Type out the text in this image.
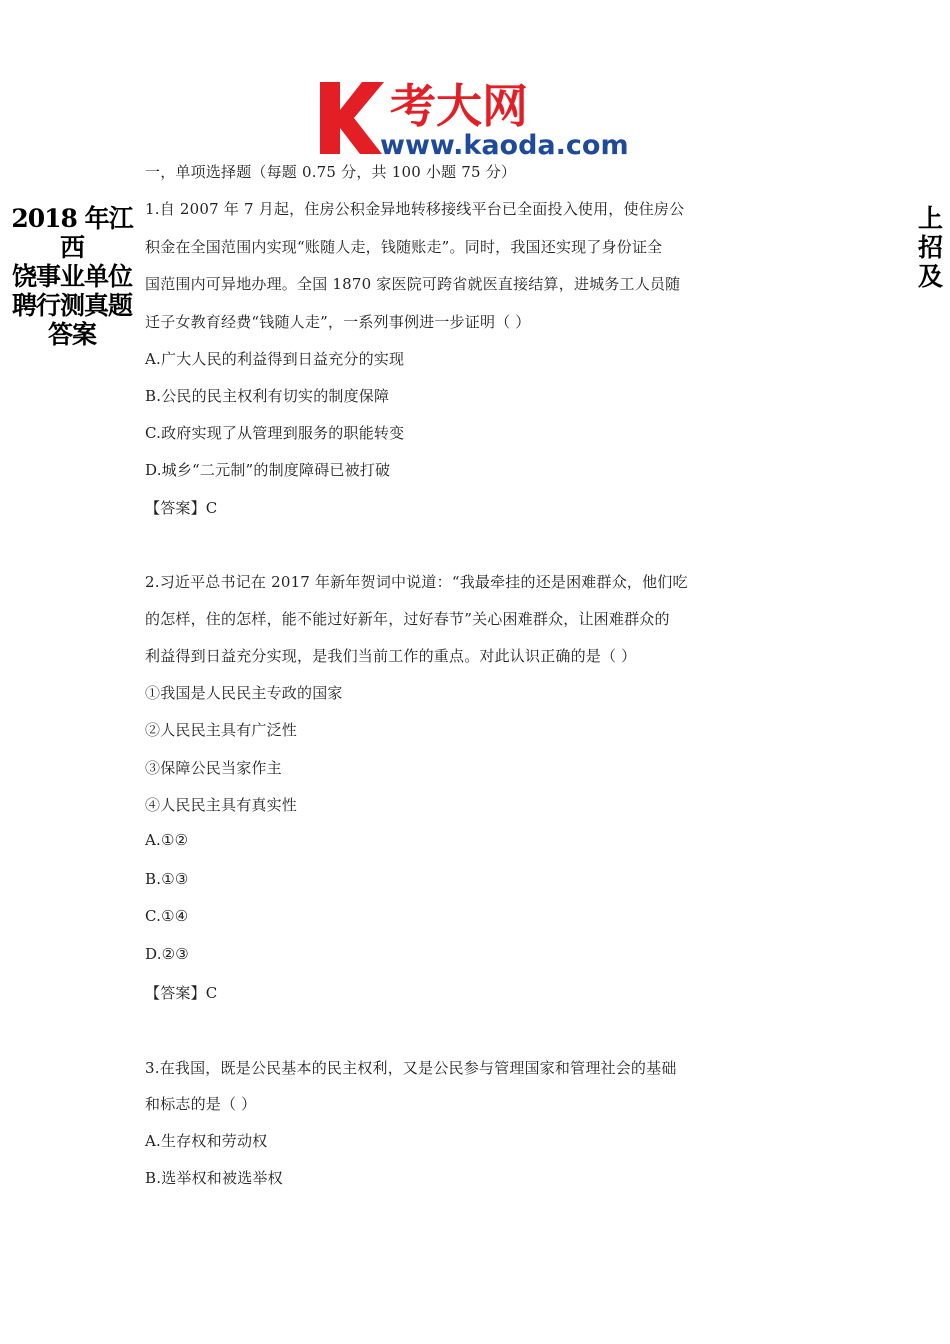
考大网
www.kaoda.com
2018 年江西
饶事业单位
聘行测真题
答案
上
招
及
一，单项选择题（每题 0.75 分，共 100 小题 75 分）
1.自 2007 年 7 月起，住房公积金异地转移接线平台已全面投入使用，使住房公
积金在全国范围内实现“账随人走，钱随账走”。同时，我国还实现了身份证全
国范围内可异地办理。全国 1870 家医院可跨省就医直接结算，进城务工人员随
迁子女教育经费“钱随人走”，一系列事例进一步证明（ ）
A.广大人民的利益得到日益充分的实现
B.公民的民主权利有切实的制度保障
C.政府实现了从管理到服务的职能转变
D.城乡“二元制”的制度障碍已被打破
【答案】C
2.习近平总书记在 2017 年新年贺词中说道：“我最牵挂的还是困难群众，他们吃
的怎样，住的怎样，能不能过好新年，过好春节”关心困难群众，让困难群众的
利益得到日益充分实现，是我们当前工作的重点。对此认识正确的是（ ）
①我国是人民民主专政的国家
②人民民主具有广泛性
③保障公民当家作主
④人民民主具有真实性
A.①②
B.①③
C.①④
D.②③
【答案】C
3.在我国，既是公民基本的民主权利，又是公民参与管理国家和管理社会的基础
和标志的是（ ）
A.生存权和劳动权
B.选举权和被选举权
